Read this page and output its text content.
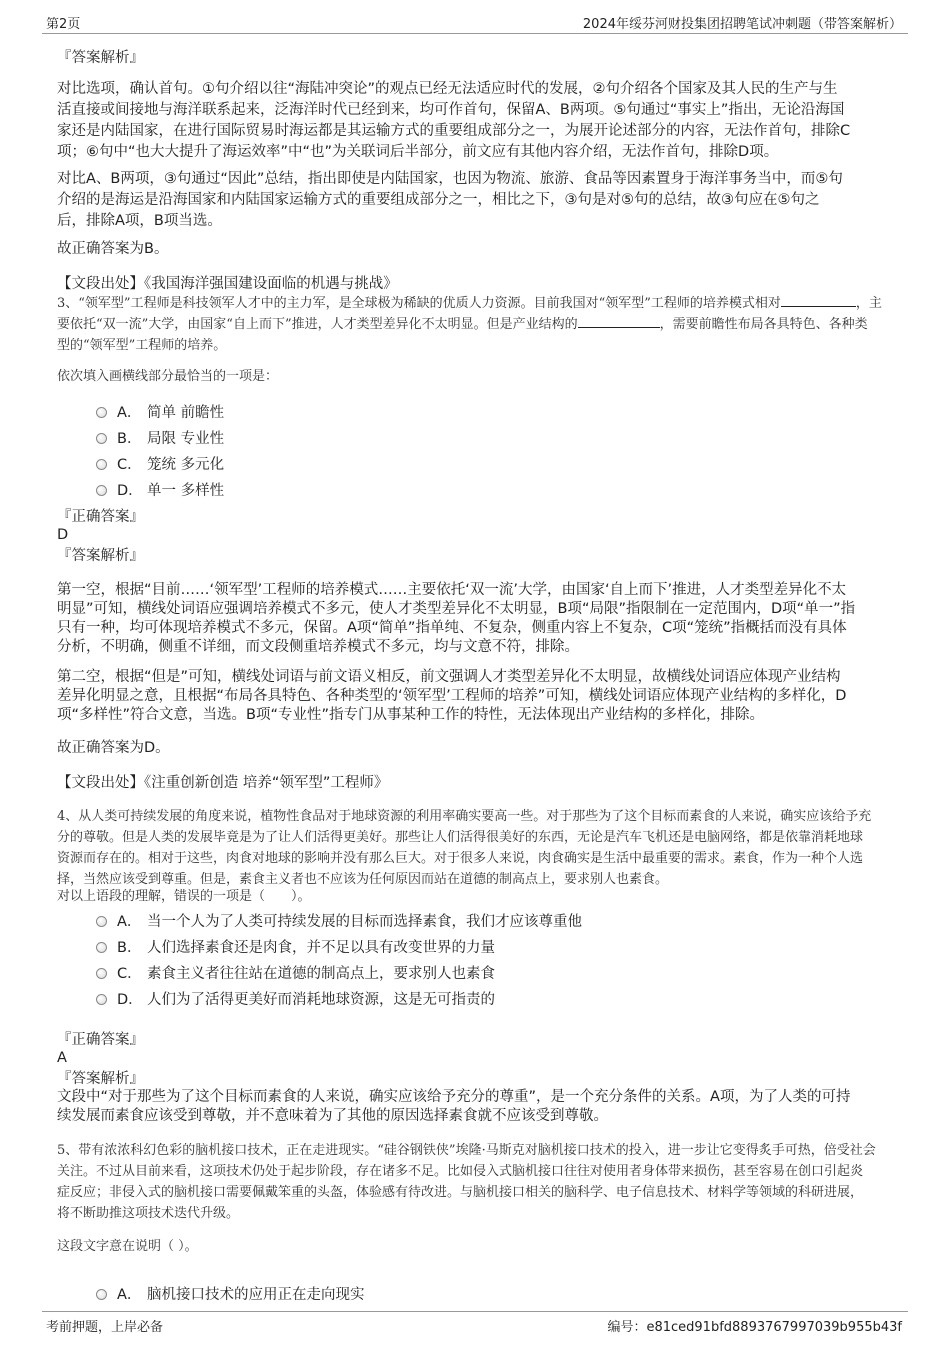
第2页	2024年绥芬河财投集团招聘笔试冲刺题（带答案解析）
『答案解析』
对比选项，确认首句。①句介绍以往“海陆冲突论”的观点已经无法适应时代的发展，②句介绍各个国家及其人民的生产与生
活直接或间接地与海洋联系起来，泛海洋时代已经到来，均可作首句，保留A、B两项。⑤句通过“事实上”指出，无论沿海国
家还是内陆国家，在进行国际贸易时海运都是其运输方式的重要组成部分之一，为展开论述部分的内容，无法作首句，排除C
项；⑥句中“也大大提升了海运效率”中“也”为关联词后半部分，前文应有其他内容介绍，无法作首句，排除D项。
对比A、B两项，③句通过“因此”总结，指出即使是内陆国家，也因为物流、旅游、食品等因素置身于海洋事务当中，而⑤句
介绍的是海运是沿海国家和内陆国家运输方式的重要组成部分之一，相比之下，③句是对⑤句的总结，故③句应在⑤句之
后，排除A项，B项当选。
故正确答案为B。
【文段出处】《我国海洋强国建设面临的机遇与挑战》
3、“领军型”工程师是科技领军人才中的主力军，是全球极为稀缺的优质人力资源。目前我国对“领军型”工程师的培养模式相对	，主
要依托“双一流”大学，由国家“自上而下”推进，人才类型差异化不太明显。但是产业结构的	，需要前瞻性布局各具特色、各种类
型的“领军型”工程师的培养。
依次填入画横线部分最恰当的一项是：
A． 简单 前瞻性
B． 局限 专业性
C． 笼统 多元化
D． 单一 多样性
『正确答案』
D
『答案解析』
第一空，根据“目前……‘领军型’工程师的培养模式……主要依托‘双一流’大学，由国家‘自上而下’推进，人才类型差异化不太
明显”可知，横线处词语应强调培养模式不多元，使人才类型差异化不太明显，B项“局限”指限制在一定范围内，D项“单一”指
只有一种，均可体现培养模式不多元，保留。A项“简单”指单纯、不复杂，侧重内容上不复杂，C项“笼统”指概括而没有具体
分析，不明确，侧重不详细，而文段侧重培养模式不多元，均与文意不符，排除。
第二空，根据“但是”可知，横线处词语与前文语义相反，前文强调人才类型差异化不太明显，故横线处词语应体现产业结构
差异化明显之意，且根据“布局各具特色、各种类型的‘领军型’工程师的培养”可知，横线处词语应体现产业结构的多样化，D
项“多样性”符合文意，当选。B项“专业性”指专门从事某种工作的特性，无法体现出产业结构的多样化，排除。
故正确答案为D。
【文段出处】《注重创新创造 培养“领军型”工程师》
4、从人类可持续发展的角度来说，植物性食品对于地球资源的利用率确实要高一些。对于那些为了这个目标而素食的人来说，确实应该给予充
分的尊敬。但是人类的发展毕竟是为了让人们活得更美好。那些让人们活得很美好的东西，无论是汽车飞机还是电脑网络，都是依靠消耗地球
资源而存在的。相对于这些，肉食对地球的影响并没有那么巨大。对于很多人来说，肉食确实是生活中最重要的需求。素食，作为一种个人选
择，当然应该受到尊重。但是，素食主义者也不应该为任何原因而站在道德的制高点上，要求别人也素食。
对以上语段的理解，错误的一项是（　　）。
A． 当一个人为了人类可持续发展的目标而选择素食，我们才应该尊重他
B． 人们选择素食还是肉食，并不足以具有改变世界的力量
C． 素食主义者往往站在道德的制高点上，要求别人也素食
D． 人们为了活得更美好而消耗地球资源，这是无可指责的
『正确答案』
A
『答案解析』
文段中“对于那些为了这个目标而素食的人来说，确实应该给予充分的尊重”，是一个充分条件的关系。A项，为了人类的可持
续发展而素食应该受到尊敬，并不意味着为了其他的原因选择素食就不应该受到尊敬。
5、带有浓浓科幻色彩的脑机接口技术，正在走进现实。“硅谷钢铁侠”埃隆·马斯克对脑机接口技术的投入，进一步让它变得炙手可热，倍受社会
关注。不过从目前来看，这项技术仍处于起步阶段，存在诸多不足。比如侵入式脑机接口往往对使用者身体带来损伤，甚至容易在创口引起炎
症反应；非侵入式的脑机接口需要佩戴笨重的头盔，体验感有待改进。与脑机接口相关的脑科学、电子信息技术、材料学等领域的科研进展，
将不断助推这项技术迭代升级。
这段文字意在说明（ ）。
A． 脑机接口技术的应用正在走向现实
考前押题，上岸必备	编号：e81ced91bfd8893767997039b955b43f
